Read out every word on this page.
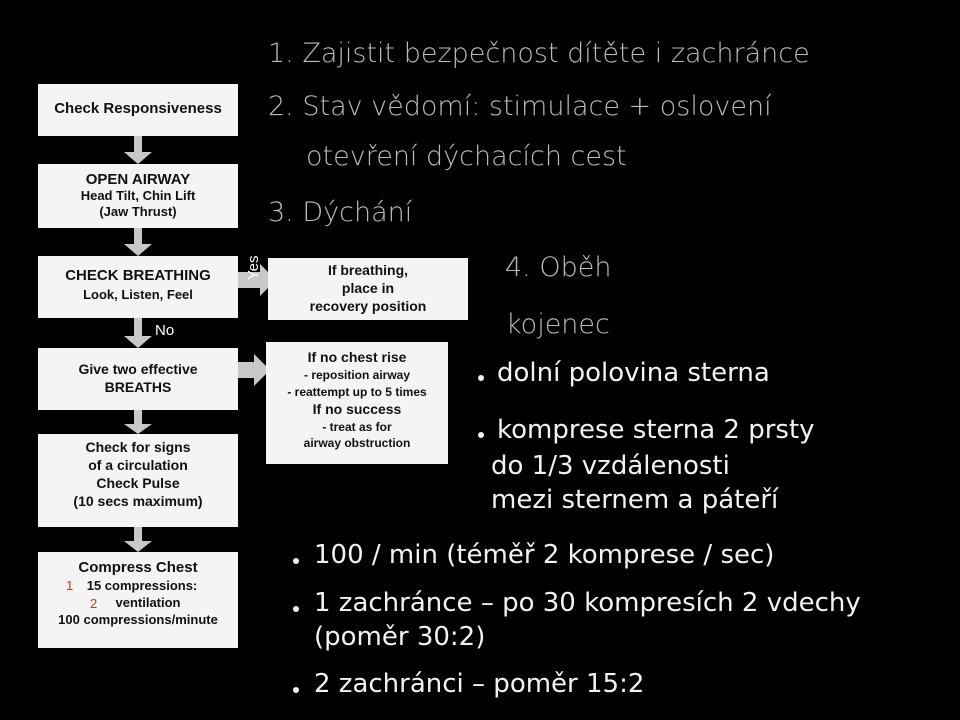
Check Responsiveness
OPEN AIRWAY
Head Tilt, Chin Lift
(Jaw Thrust)
CHECK BREATHING
Look, Listen, Feel
Give two effective
BREATHS
Check for signs
of a circulation
Check Pulse
(10 secs maximum)
Compress Chest
15 compressions:
ventilation
100 compressions/minute
1
2
If breathing,
place in
recovery position
If no chest rise
- reposition airway
- reattempt up to 5 times
If no success
- treat as for
airway obstruction
Yes
No
1. Zajistit bezpečnost dítěte i zachránce
2. Stav vědomí: stimulace + oslovení
otevření dýchacích cest
3. Dýchání
4. Oběh
kojenec
dolní polovina sterna
komprese sterna 2 prsty
do 1/3 vzdálenosti
mezi sternem a páteří
100 / min (téměř 2 komprese / sec)
1 zachránce – po 30 kompresích 2 vdechy
(poměr 30:2)
2 zachránci – poměr 15:2
